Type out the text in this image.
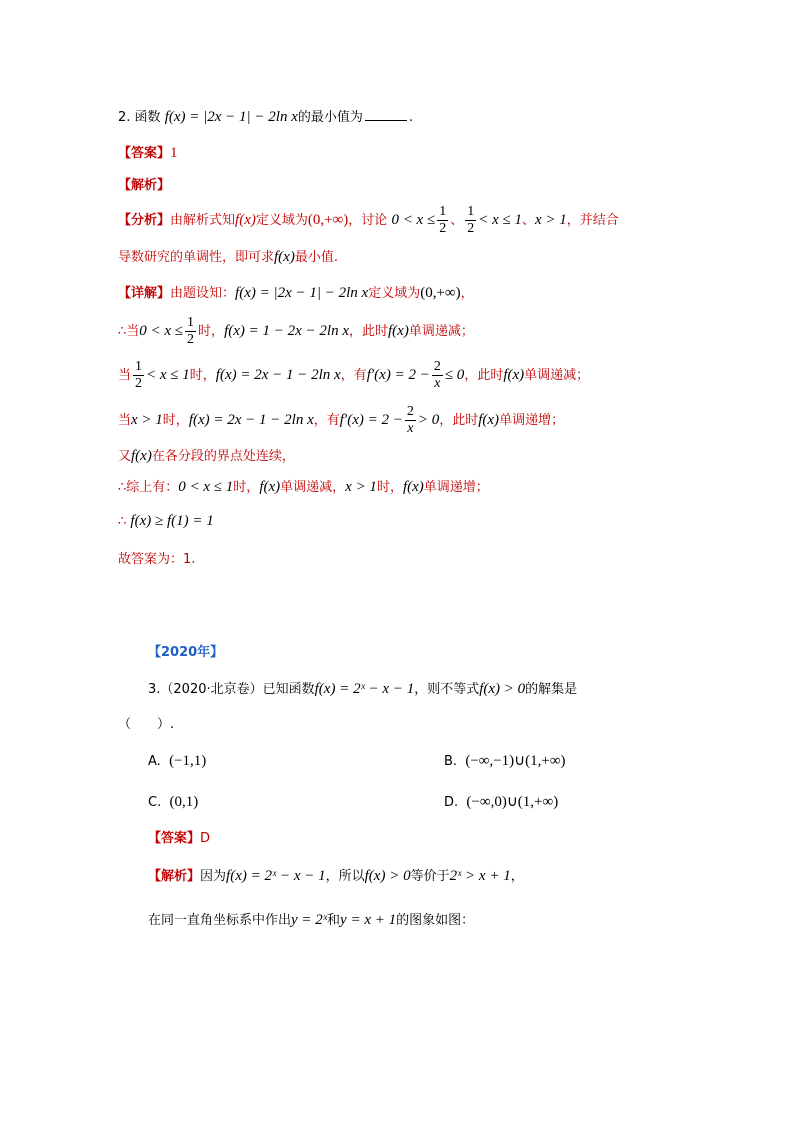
2. 函数 f(x) = |2x − 1| − 2ln x的最小值为	.
【答案】1
【解析】
【分析】由解析式知f(x)定义域为(0,+∞)，讨论 $0 < x \le \frac{1}{2}$ 、 $\frac{1}{2} < x \le 1$、x > 1，并结合
导数研究的单调性，即可求f(x)最小值.
【详解】由题设知：f(x) = |2x − 1| − 2ln x定义域为(0,+∞)，
∴当$0 < x \le \frac{1}{2}$ 时，f(x) = 1 − 2x − 2ln x，此时f(x)单调递减；
当 $\frac{1}{2} < x \le 1$时，f(x) = 2x − 1 − 2ln x，有$f'(x) = 2 - \frac{2}{x} \le 0$，此时f(x)单调递减；
当x > 1时，f(x) = 2x − 1 − 2ln x，有$f'(x) = 2 - \frac{2}{x} > 0$，此时f(x)单调递增；
又f(x)在各分段的界点处连续，
∴综上有：0 < x ≤ 1时，f(x)单调递减，x > 1时，f(x)单调递增；
∴ f(x) ≥ f(1) = 1
故答案为：1.
【2020年】
3.（2020·北京卷）已知函数f(x) = 2ˣ − x − 1，则不等式f(x) > 0的解集是
（　　）.
A. (−1,1)	B. (−∞,−1)∪(1,+∞)
C. (0,1)	D. (−∞,0)∪(1,+∞)
【答案】D
【解析】因为f(x) = 2ˣ − x − 1，所以f(x) > 0等价于2ˣ > x + 1，
在同一直角坐标系中作出y = 2ˣ和y = x + 1的图象如图：
